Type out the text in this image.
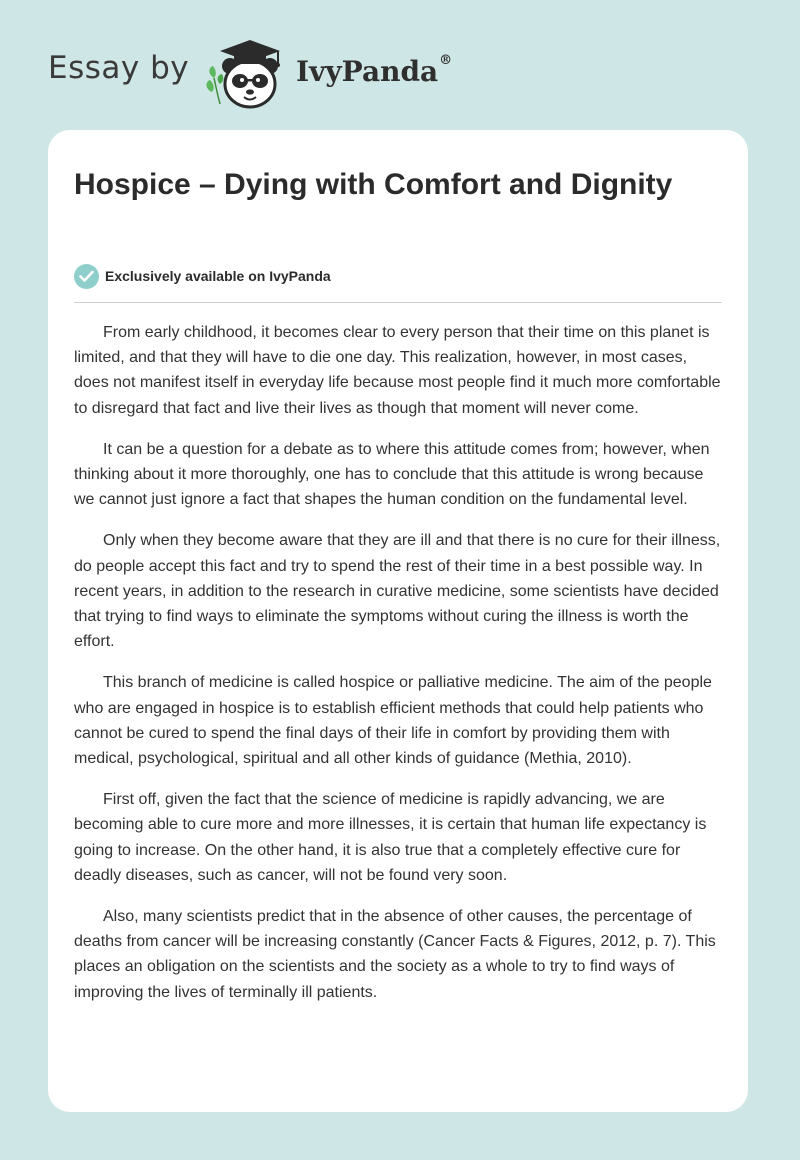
Essay by	IvyPanda®
Hospice – Dying with Comfort and Dignity
Exclusively available on IvyPanda

From early childhood, it becomes clear to every person that their time on this planet is limited, and that they will have to die one day. This realization, however, in most cases, does not manifest itself in everyday life because most people find it much more comfortable to disregard that fact and live their lives as though that moment will never come.

It can be a question for a debate as to where this attitude comes from; however, when thinking about it more thoroughly, one has to conclude that this attitude is wrong because we cannot just ignore a fact that shapes the human condition on the fundamental level.

Only when they become aware that they are ill and that there is no cure for their illness, do people accept this fact and try to spend the rest of their time in a best possible way. In recent years, in addition to the research in curative medicine, some scientists have decided that trying to find ways to eliminate the symptoms without curing the illness is worth the effort.

This branch of medicine is called hospice or palliative medicine. The aim of the people who are engaged in hospice is to establish efficient methods that could help patients who cannot be cured to spend the final days of their life in comfort by providing them with medical, psychological, spiritual and all other kinds of guidance (Methia, 2010).

First off, given the fact that the science of medicine is rapidly advancing, we are becoming able to cure more and more illnesses, it is certain that human life expectancy is going to increase. On the other hand, it is also true that a completely effective cure for deadly diseases, such as cancer, will not be found very soon.

Also, many scientists predict that in the absence of other causes, the percentage of deaths from cancer will be increasing constantly (Cancer Facts & Figures, 2012, p. 7). This places an obligation on the scientists and the society as a whole to try to find ways of improving the lives of terminally ill patients.
